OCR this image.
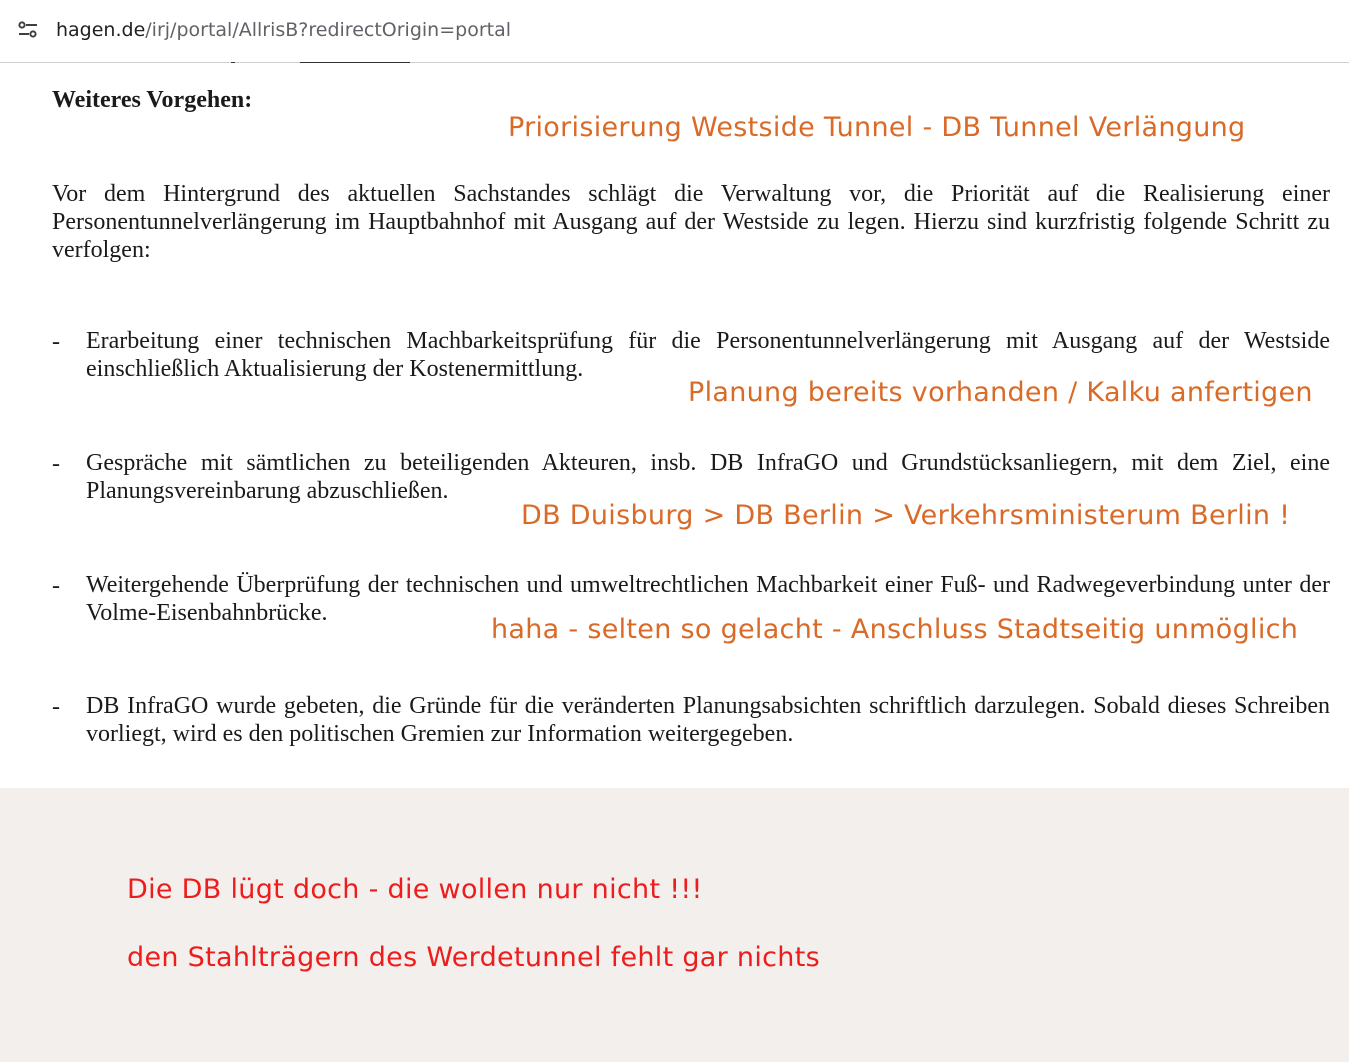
hagen.de/irj/portal/AllrisB?redirectOrigin=portal
Weiteres Vorgehen:

Vor dem Hintergrund des aktuellen Sachstandes schlägt die Verwaltung vor, die Priorität auf die Realisierung einer Personentunnelverlängerung im Hauptbahnhof mit Ausgang auf der Westside zu legen. Hierzu sind kurzfristig folgende Schritt zu verfolgen:

- Erarbeitung einer technischen Machbarkeitsprüfung für die Personentunnelverlängerung mit Ausgang auf der Westside einschließlich Aktualisierung der Kostenermittlung.

- Gespräche mit sämtlichen zu beteiligenden Akteuren, insb. DB InfraGO und Grundstücksanliegern, mit dem Ziel, eine Planungsvereinbarung abzuschließen.

- Weitergehende Überprüfung der technischen und umweltrechtlichen Machbarkeit einer Fuß- und Radwegeverbindung unter der Volme-Eisenbahnbrücke.

- DB InfraGO wurde gebeten, die Gründe für die veränderten Planungsabsichten schriftlich darzulegen. Sobald dieses Schreiben vorliegt, wird es den politischen Gremien zur Information weitergegeben.

Priorisierung Westside Tunnel - DB Tunnel Verlängung
Planung bereits vorhanden / Kalku anfertigen
DB Duisburg > DB Berlin > Verkehrsministerum Berlin !
haha - selten so gelacht - Anschluss Stadtseitig unmöglich
Die DB lügt doch - die wollen nur nicht !!!
den Stahlträgern des Werdetunnel fehlt gar nichts
